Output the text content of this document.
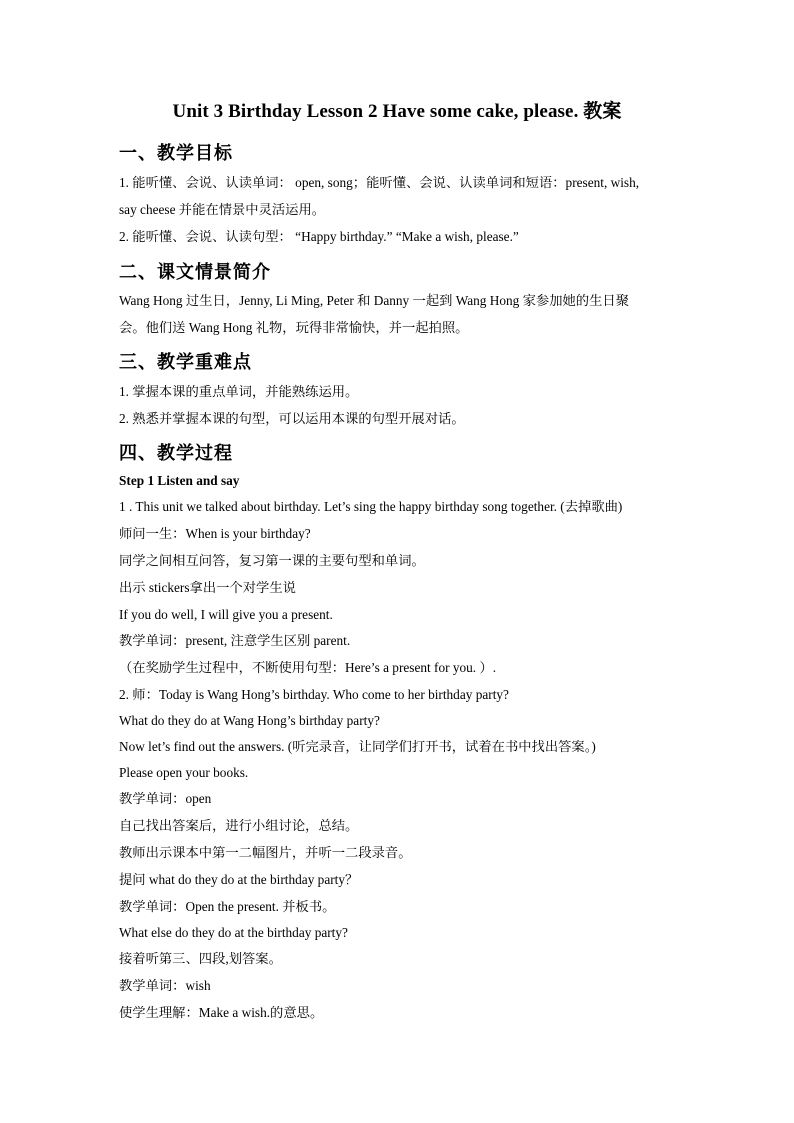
Unit 3 Birthday Lesson 2 Have some cake, please. 教案
一、教学目标
1. 能听懂、会说、认读单词： open, song；能听懂、会说、认读单词和短语：present, wish,
say cheese 并能在情景中灵活运用。
2. 能听懂、会说、认读句型： “Happy birthday.” “Make a wish, please.”
二、课文情景简介
Wang Hong 过生日，Jenny, Li Ming, Peter 和 Danny 一起到 Wang Hong 家参加她的生日聚
会。他们送 Wang Hong 礼物，玩得非常愉快，并一起拍照。
三、教学重难点
1. 掌握本课的重点单词，并能熟练运用。
2. 熟悉并掌握本课的句型，可以运用本课的句型开展对话。
四、教学过程
Step 1 Listen and say
1 . This unit we talked about birthday. Let’s sing the happy birthday song together. (去掉歌曲)
师问一生：When is your birthday?
同学之间相互问答，复习第一课的主要句型和单词。
出示 stickers拿出一个对学生说
If you do well, I will give you a present.
教学单词：present, 注意学生区别 parent.
（在奖励学生过程中，不断使用句型：Here’s a present for you. ）.
2. 师：Today is Wang Hong’s birthday. Who come to her birthday party?
What do they do at Wang Hong’s birthday party?
Now let’s find out the answers. (听完录音，让同学们打开书，试着在书中找出答案。)
Please open your books.
教学单词：open
自己找出答案后，进行小组讨论，总结。
教师出示课本中第一二幅图片，并听一二段录音。
提问 what do they do at the birthday party？
教学单词：Open the present. 并板书。
What else do they do at the birthday party?
接着听第三、四段,划答案。
教学单词：wish
使学生理解：Make a wish.的意思。
